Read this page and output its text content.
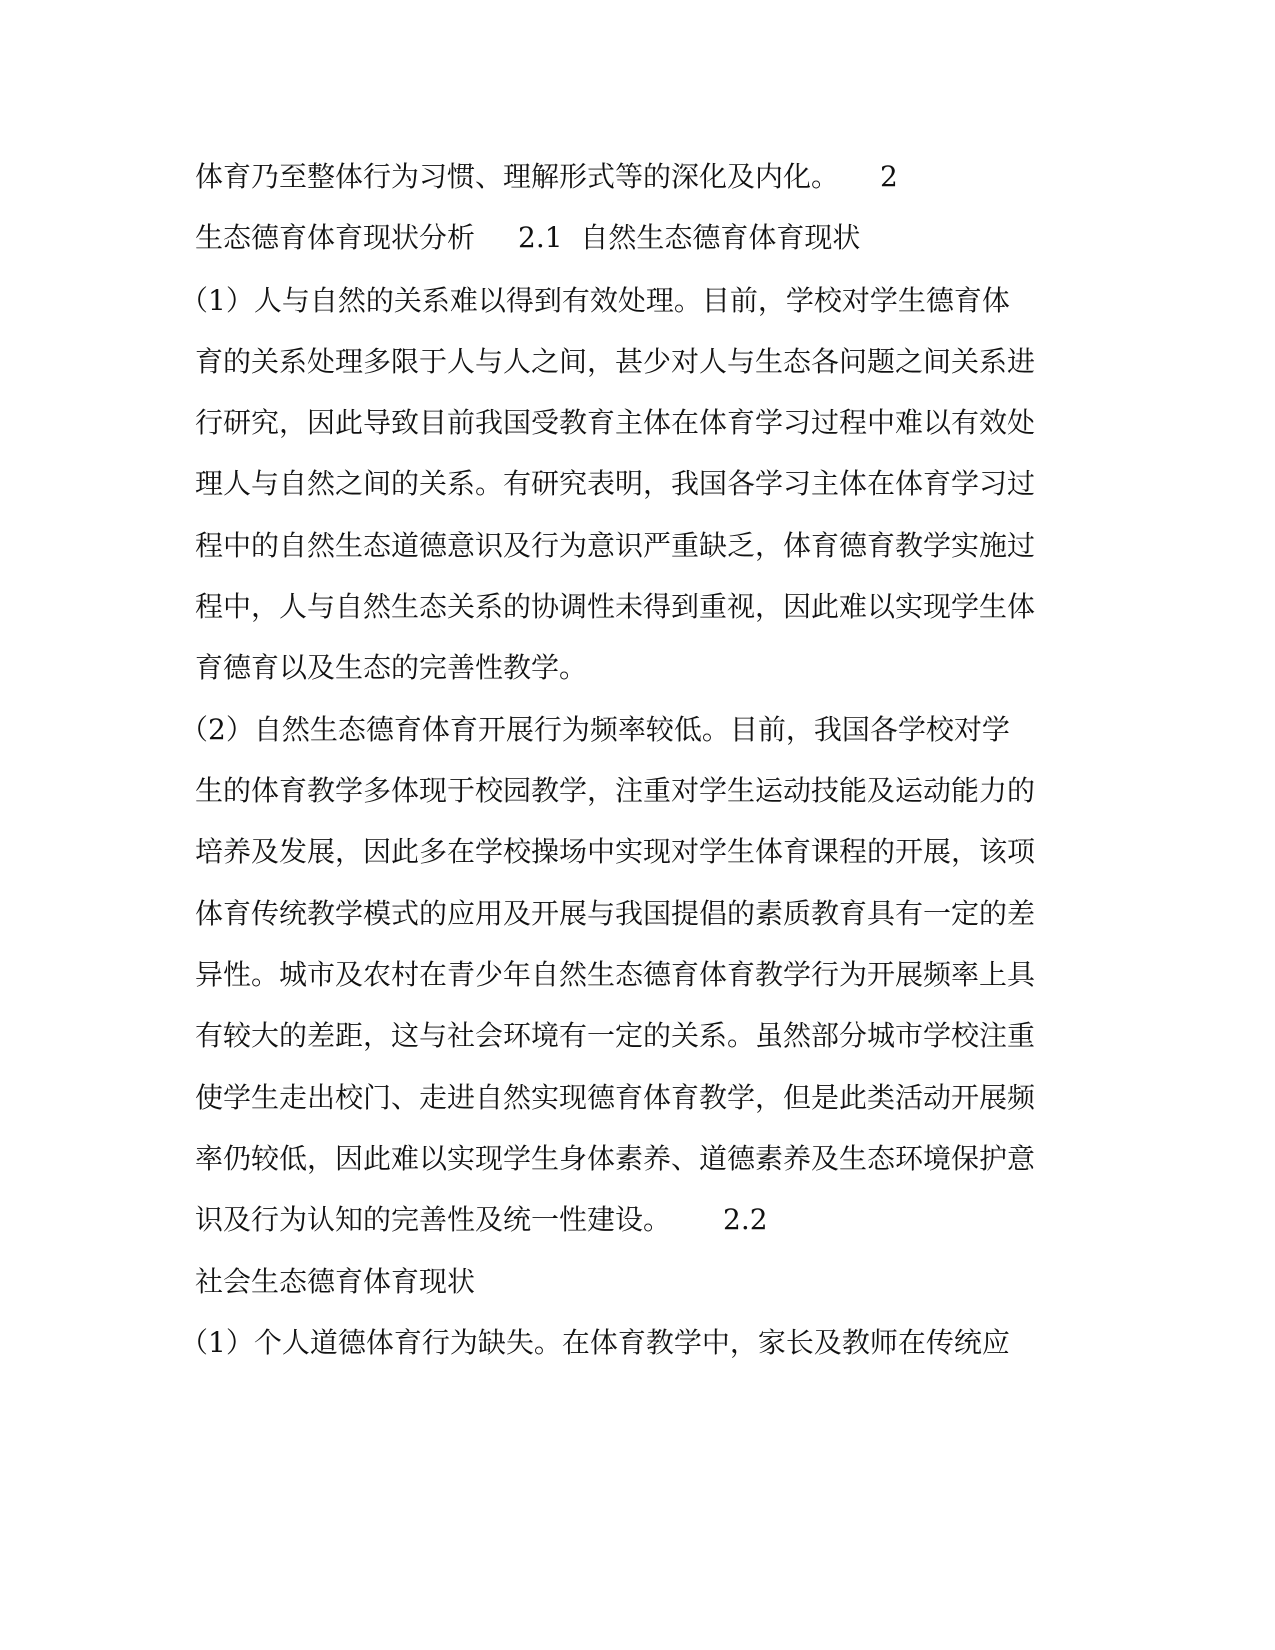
体育乃至整体行为习惯、理解形式等的深化及内化。 2
生态德育体育现状分析 2.1  自然生态德育体育现状
（1）人与自然的关系难以得到有效处理。目前，学校对学生德育体
育的关系处理多限于人与人之间，甚少对人与生态各问题之间关系进
行研究，因此导致目前我国受教育主体在体育学习过程中难以有效处
理人与自然之间的关系。有研究表明，我国各学习主体在体育学习过
程中的自然生态道德意识及行为意识严重缺乏，体育德育教学实施过
程中，人与自然生态关系的协调性未得到重视，因此难以实现学生体
育德育以及生态的完善性教学。
（2）自然生态德育体育开展行为频率较低。目前，我国各学校对学
生的体育教学多体现于校园教学，注重对学生运动技能及运动能力的
培养及发展，因此多在学校操场中实现对学生体育课程的开展，该项
体育传统教学模式的应用及开展与我国提倡的素质教育具有一定的差
异性。城市及农村在青少年自然生态德育体育教学行为开展频率上具
有较大的差距，这与社会环境有一定的关系。虽然部分城市学校注重
使学生走出校门、走进自然实现德育体育教学，但是此类活动开展频
率仍较低，因此难以实现学生身体素养、道德素养及生态环境保护意
识及行为认知的完善性及统一性建设。 2.2
社会生态德育体育现状
（1）个人道德体育行为缺失。在体育教学中，家长及教师在传统应
